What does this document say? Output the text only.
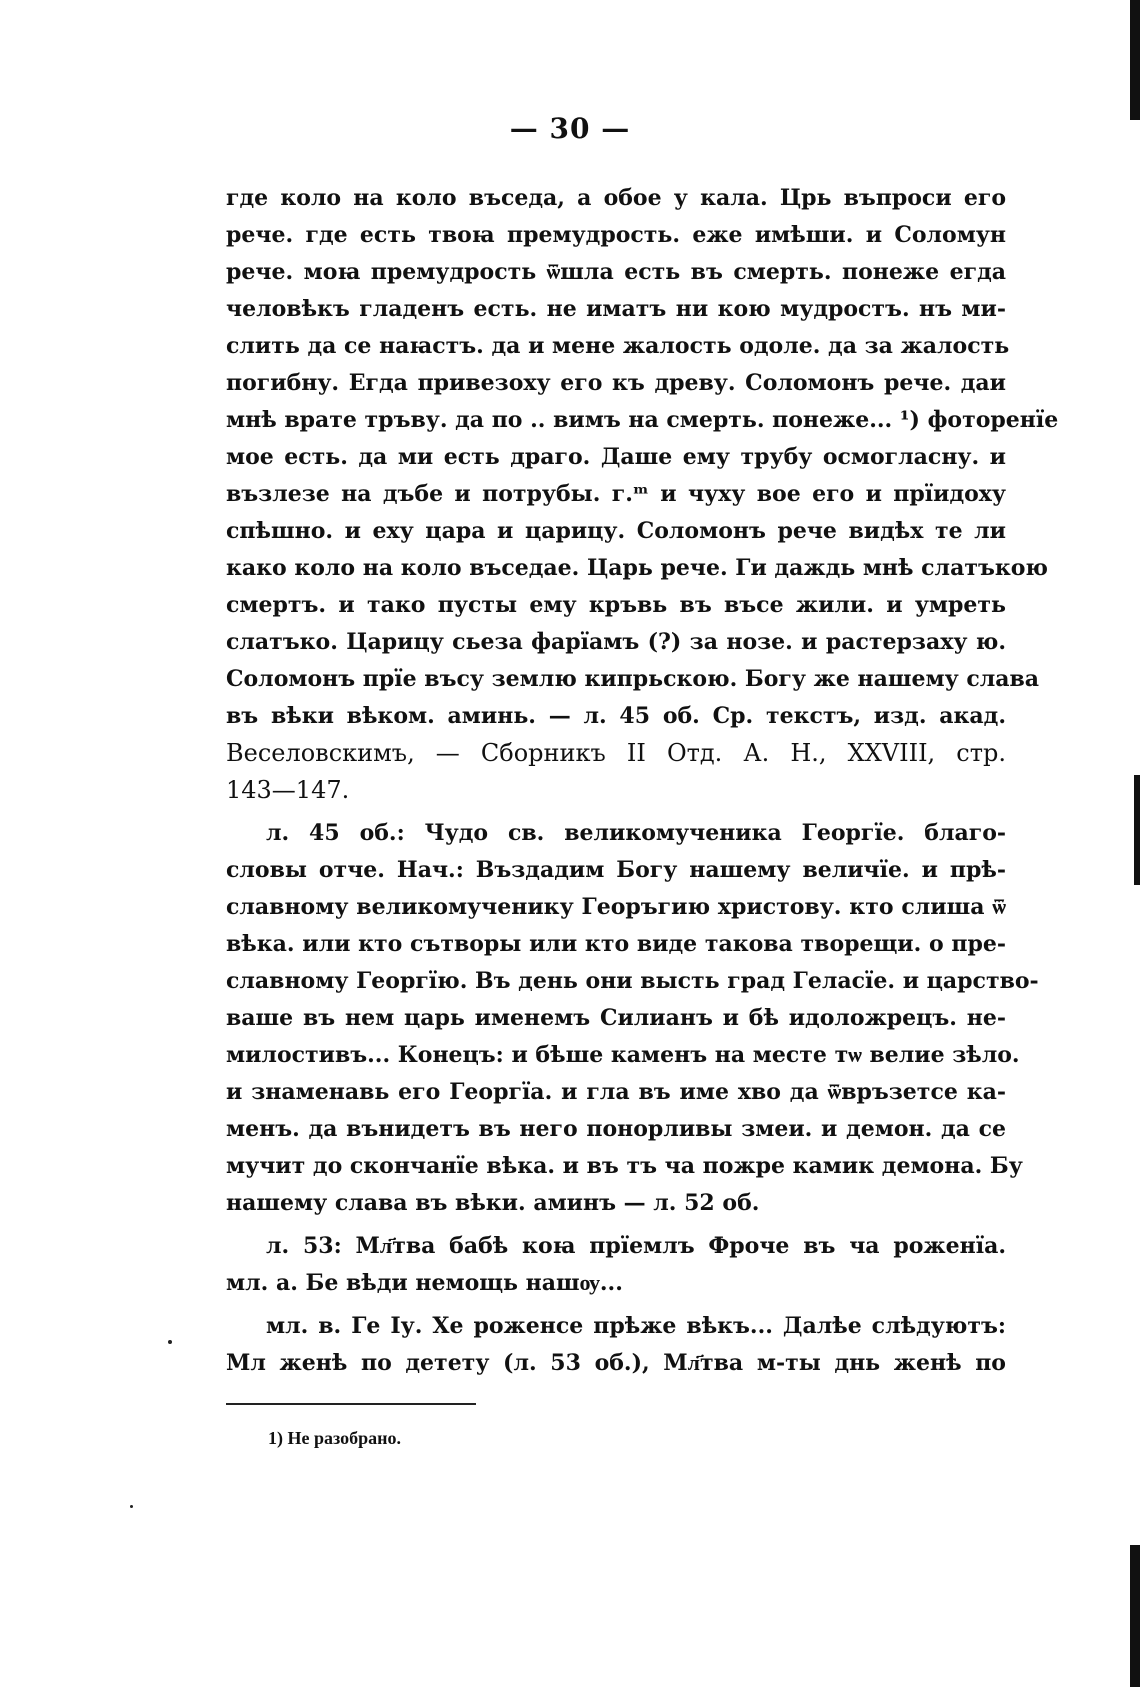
— 30 —
где коло на коло въседа, а обое у кала. Црь въпроси его
рече. где есть твоꙗ премудрость. еже имѣши. и Соломун
рече. моꙗ премудрость ѿшла есть въ смерть. понеже егда
человѣкъ гладенъ есть. не иматъ ни кою мудростъ. нъ ми-
слить да се наꙗстъ. да и мене жалость одоле. да за жалость
погибну. Егда привезоху его къ древу. Соломонъ рече. даи
мнѣ врате тръву. да по .. вимъ на смерть. понеже... ¹) фоторенїе
мое есть. да ми есть драго. Даше ему трубу осмогласну. и
възлезе на дъбе и потрубы. г.ᵐ и чуху вое его и прїидоху
спѣшно. и еху цара и царицу. Соломонъ рече видѣх те ли
како коло на коло въседае. Царь рече. Ги даждь мнѣ слатъкою
смертъ. и тако пусты ему кръвь въ въсе жили. и умреть
слатъко. Царицу сьеза фарїамъ (?) за нозе. и растерзаху ю.
Соломонъ прїе въсу землю кипрьскою. Богу же нашему слава
въ вѣки вѣком. аминь. — л. 45 об. Ср. текстъ, изд. акад.
Веселовскимъ, — Сборникъ II Отд. А. Н., XXVIII, стр.
143—147.
л. 45 об.: Чудо св. великомученика Георгїе. благо-
словы отче. Нач.: Въздадим Богу нашему величїе. и прѣ-
славному великомученику Георъгию христову. кто слиша ѿ
вѣка. или кто сътворы или кто виде такова творещи. о пре-
славному Георгїю. Въ день они высть град Геласїе. и царство-
ваше въ нем царь именемъ Силианъ и бѣ идоложрецъ. не-
милостивъ... Конецъ: и бѣше каменъ на месте тѡ велие зѣло.
и знаменавь его Георгїа. и гла въ име хво да ѿвръзетсе ка-
менъ. да вънидетъ въ него понорливы змеи. и демон. да се
мучит до скончанїе вѣка. и въ тъ ча пожре камик демона. Бу
нашему слава въ вѣки. аминъ — л. 52 об.
л. 53: Мл҃тва бабѣ коꙗ прїемлъ Фроче въ ча роженїа.
мл. а. Бе вѣди немощь нашѹ...
мл. в. Ге Іу. Хе роженсе прѣже вѣкъ... Далѣе слѣдуютъ:
Мл женѣ по детету (л. 53 об.), Мл҃тва м-ты днь женѣ по
1) Не разобрано.
